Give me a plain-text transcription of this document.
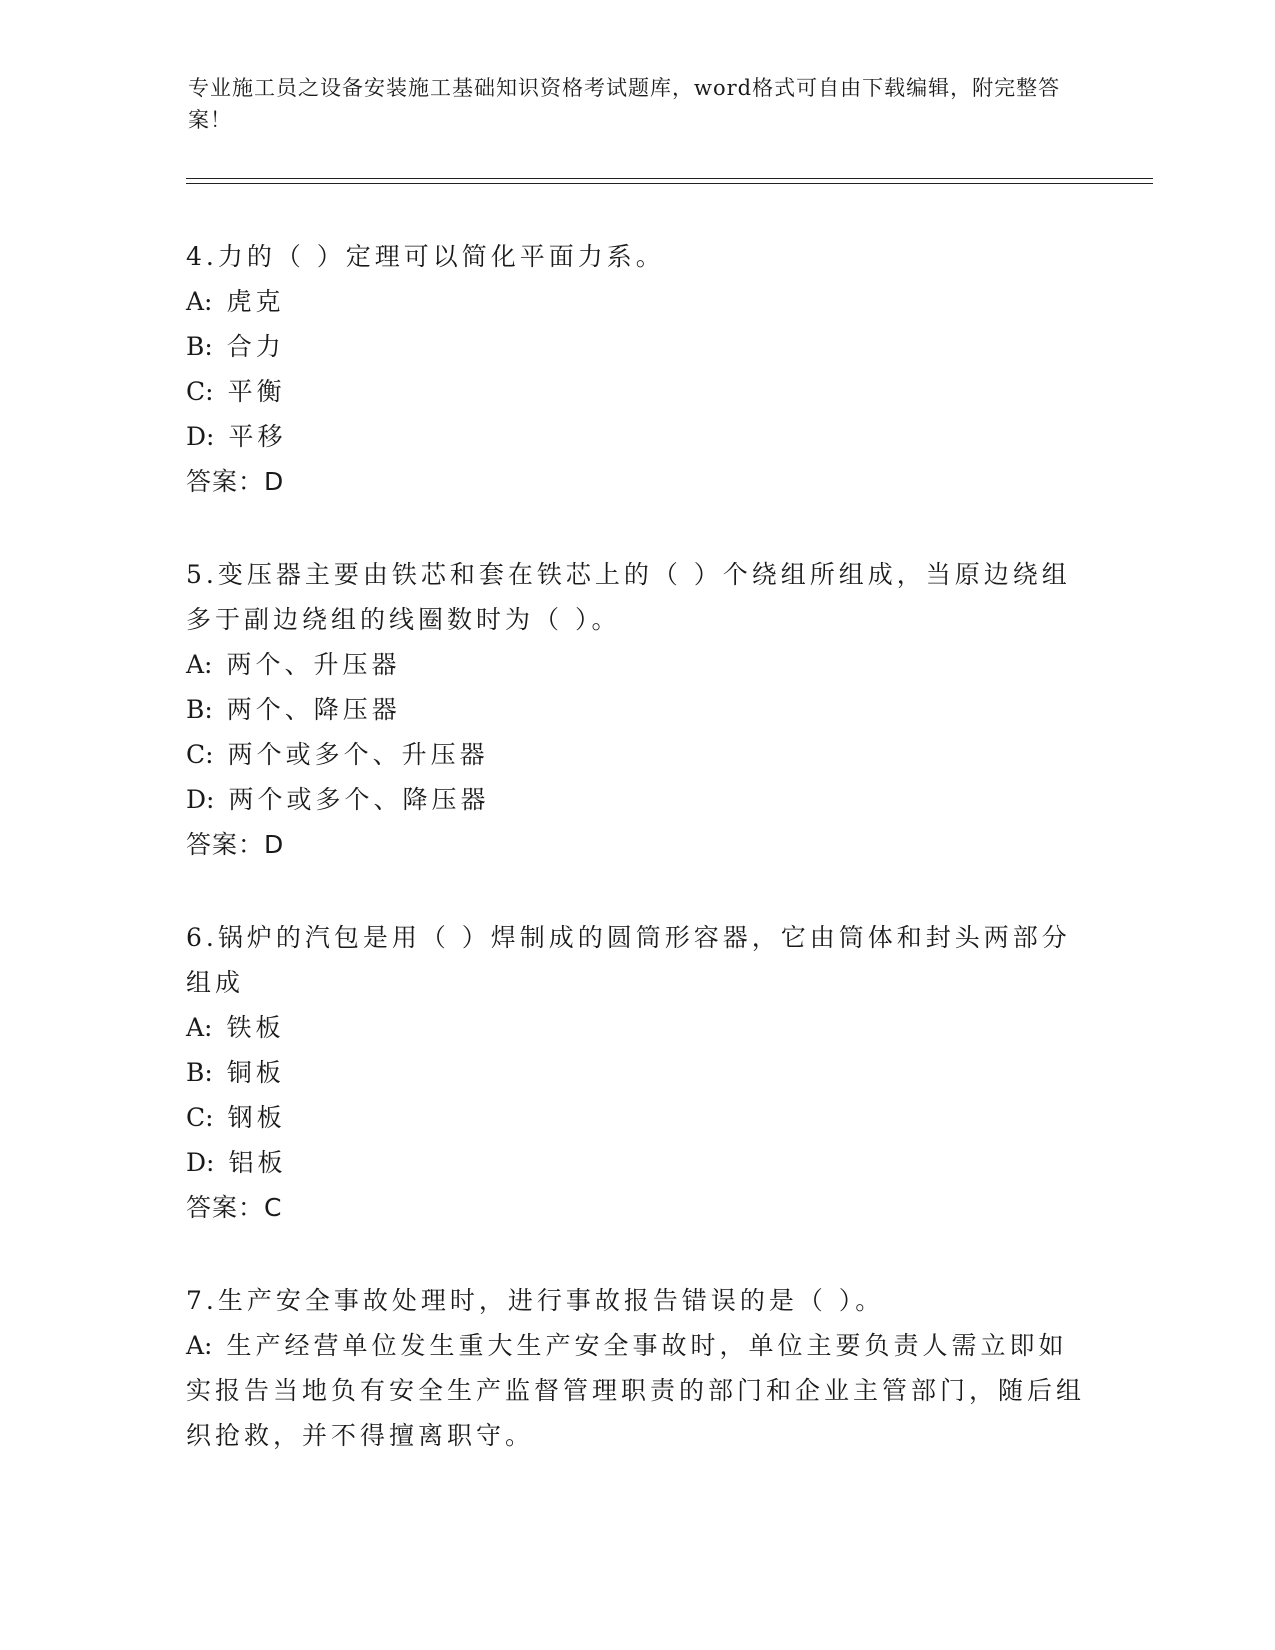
专业施工员之设备安装施工基础知识资格考试题库，word格式可自由下载编辑，附完整答案！
4.力的（ ）定理可以简化平面力系。
A: 虎克
B: 合力
C: 平衡
D: 平移
答案：D
5.变压器主要由铁芯和套在铁芯上的（ ）个绕组所组成，当原边绕组多于副边绕组的线圈数时为（ ）。
A: 两个、升压器
B: 两个、降压器
C: 两个或多个、升压器
D: 两个或多个、降压器
答案：D
6.锅炉的汽包是用（ ）焊制成的圆筒形容器，它由筒体和封头两部分组成
A: 铁板
B: 铜板
C: 钢板
D: 铝板
答案：C
7.生产安全事故处理时，进行事故报告错误的是（ ）。
A: 生产经营单位发生重大生产安全事故时，单位主要负责人需立即如实报告当地负有安全生产监督管理职责的部门和企业主管部门，随后组织抢救，并不得擅离职守。
